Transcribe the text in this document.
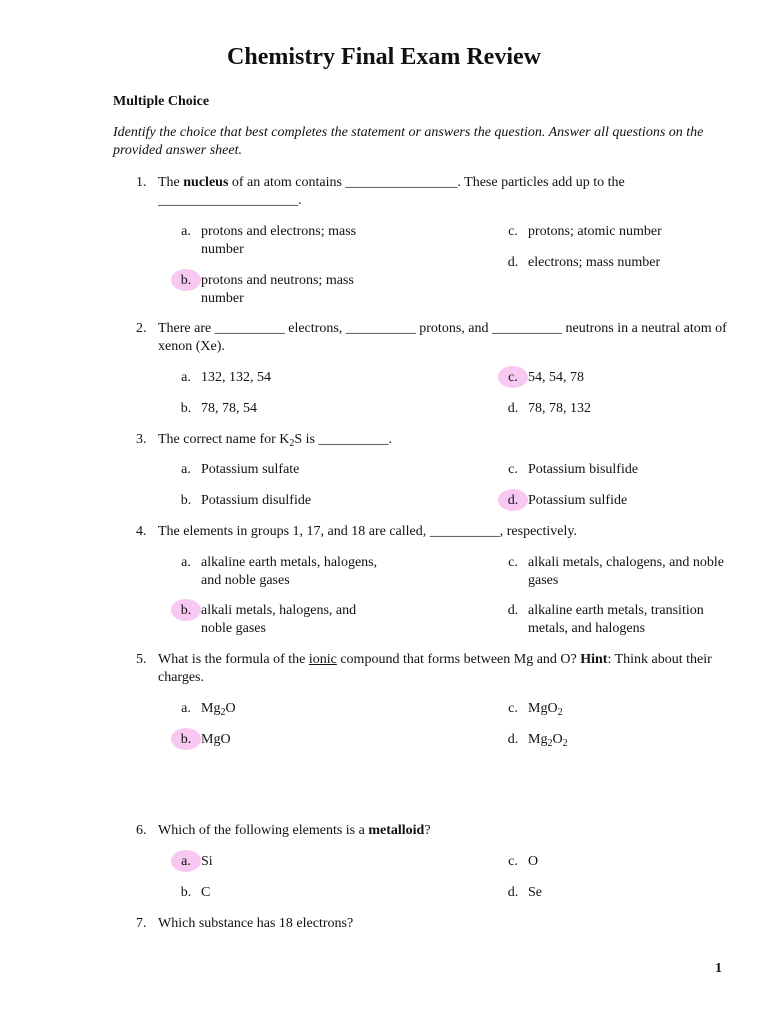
Chemistry Final Exam Review

Multiple Choice

Identify the choice that best completes the statement or answers the question. Answer all questions on the provided answer sheet.

1. The nucleus of an atom contains ________________. These particles add up to the ____________________.
a. protons and electrons; mass number
b. protons and neutrons; mass number
c. protons; atomic number
d. electrons; mass number
2. There are __________ electrons, __________ protons, and __________ neutrons in a neutral atom of xenon (Xe).
a. 132, 132, 54
b. 78, 78, 54
c. 54, 54, 78
d. 78, 78, 132
3. The correct name for $K_2S$ is __________.
a. Potassium sulfate
b. Potassium disulfide
c. Potassium bisulfide
d. Potassium sulfide
4. The elements in groups 1, 17, and 18 are called, __________, respectively.
a. alkaline earth metals, halogens, and noble gases
b. alkali metals, halogens, and noble gases
c. alkali metals, chalogens, and noble gases
d. alkaline earth metals, transition metals, and halogens
5. What is the formula of the ionic compound that forms between Mg and O? Hint: Think about their charges.
a. $Mg_2O$
b. MgO
c. MgO$_2$
d. $Mg_2O_2$
6. Which of the following elements is a metalloid?
a. Si
b. C
c. O
d. Se
7. Which substance has 18 electrons?
1
